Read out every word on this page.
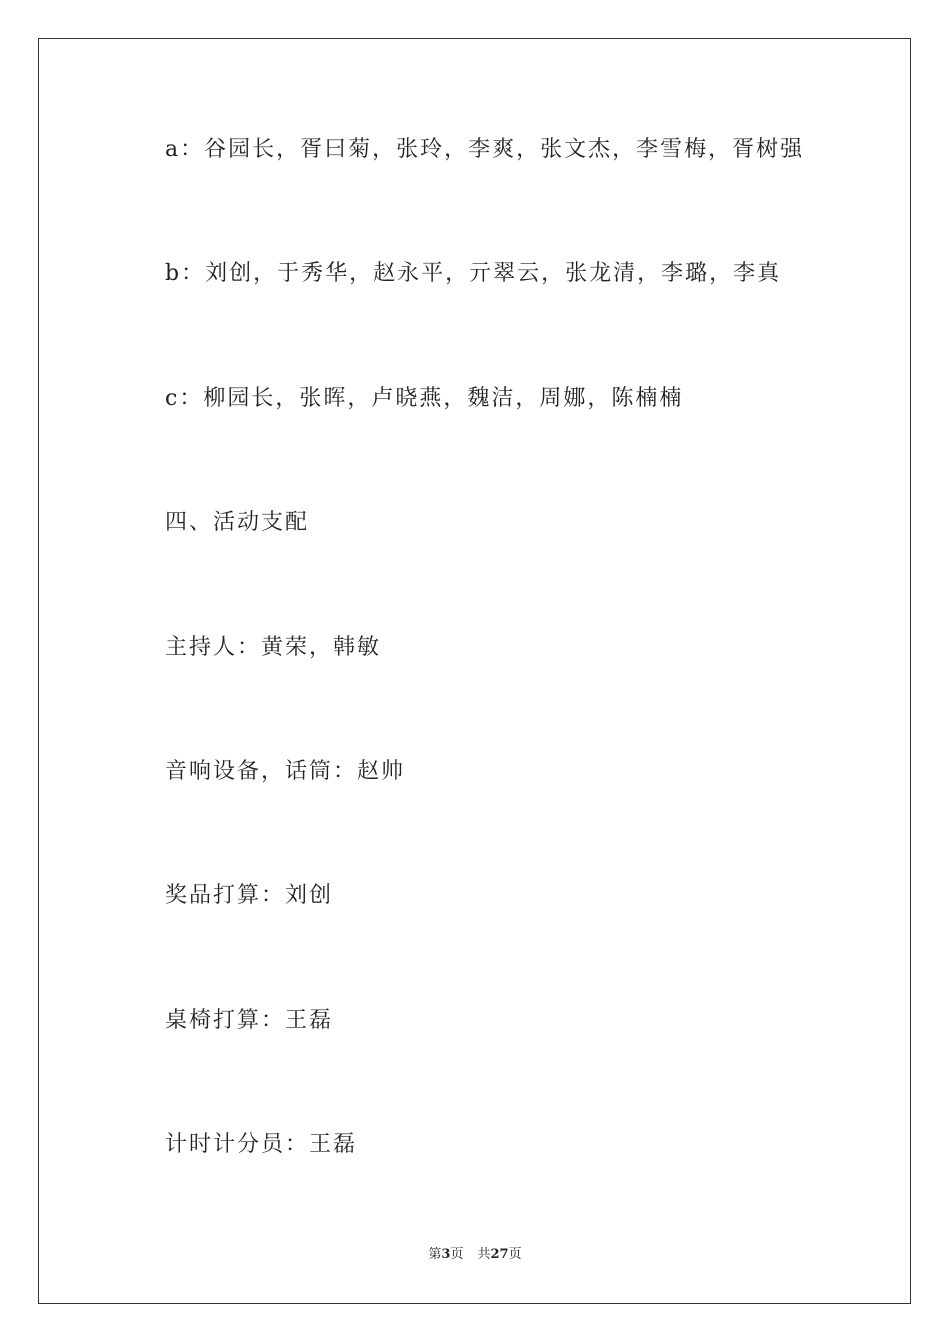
a：谷园长，胥曰菊，张玲，李爽，张文杰，李雪梅，胥树强
b：刘创，于秀华，赵永平，亓翠云，张龙清，李璐，李真
c：柳园长，张晖，卢晓燕，魏洁，周娜，陈楠楠
四、活动支配
主持人：黄荣，韩敏
音响设备，话筒：赵帅
奖品打算：刘创
桌椅打算：王磊
计时计分员：王磊
第3页 共27页
